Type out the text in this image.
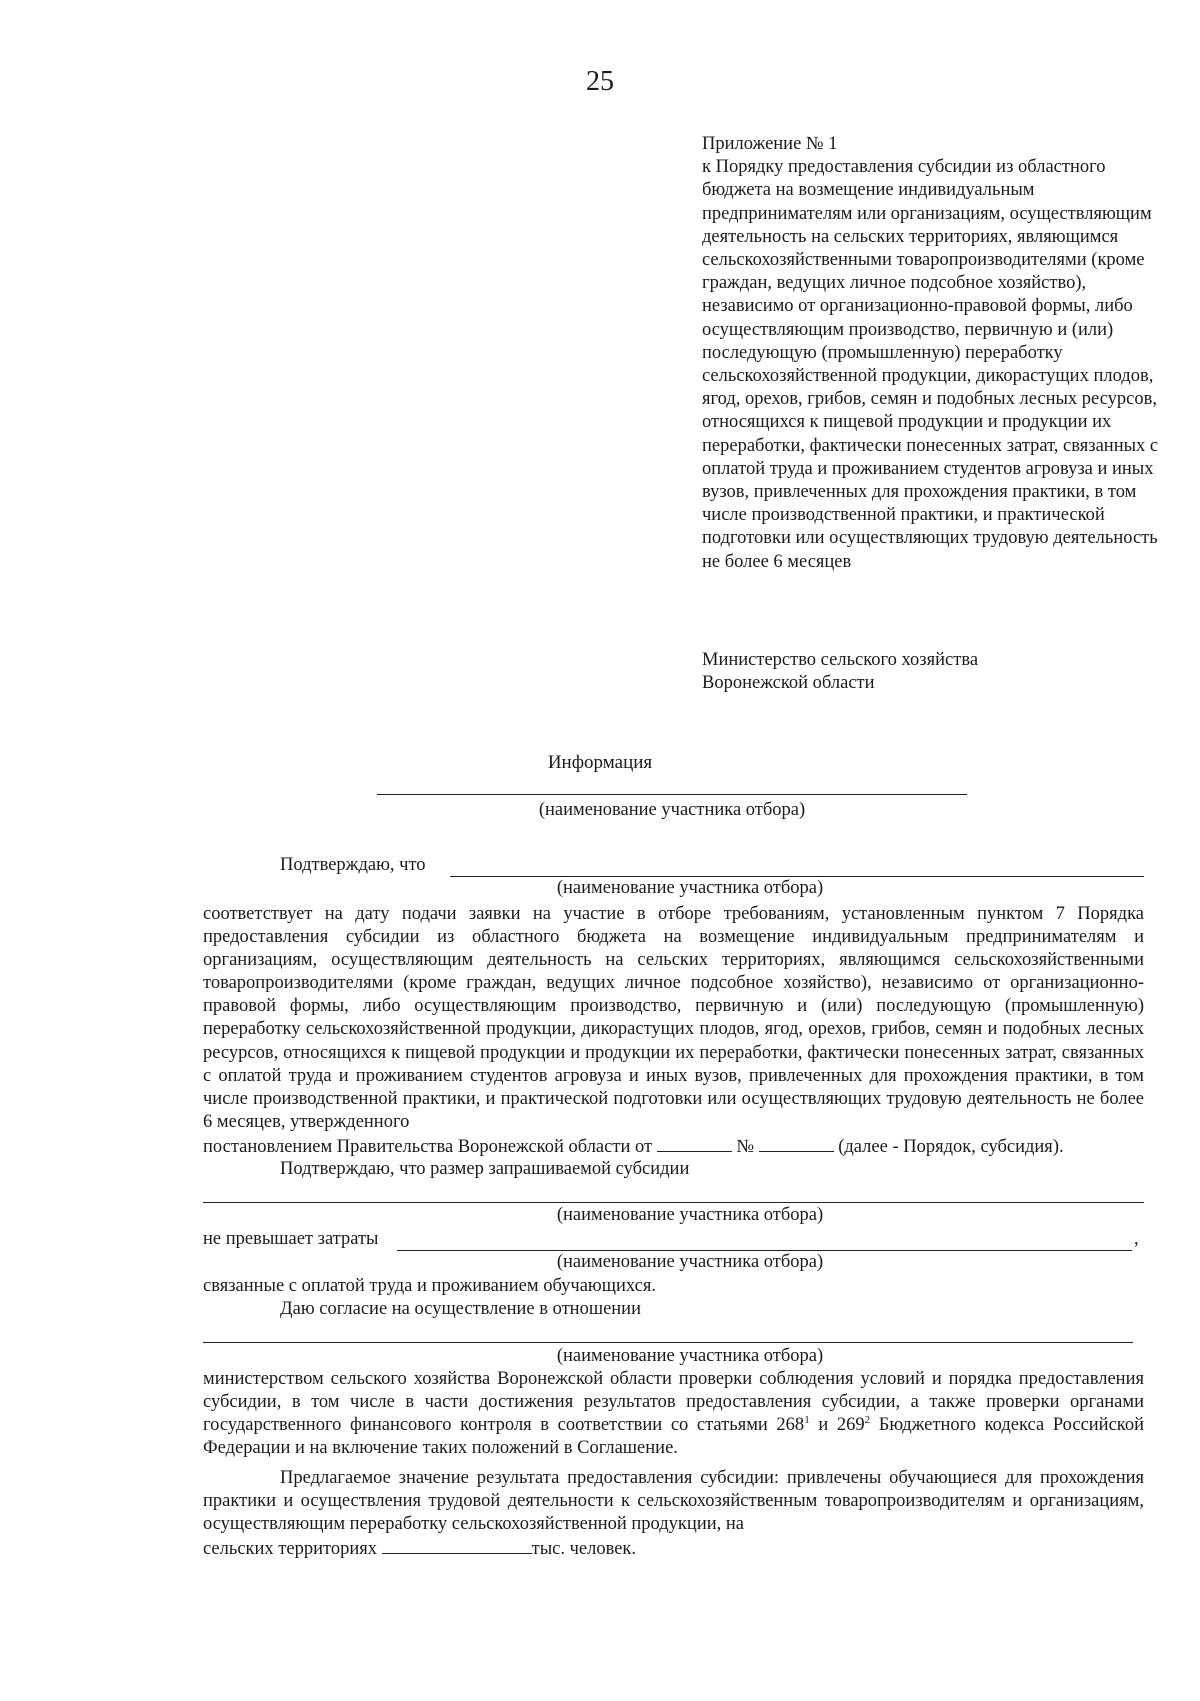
25
Приложение № 1
к Порядку предоставления субсидии из областного бюджета на возмещение индивидуальным предпринимателям или организациям, осуществляющим деятельность на сельских территориях, являющимся сельскохозяйственными товаропроизводителями (кроме граждан, ведущих личное подсобное хозяйство), независимо от организационно-правовой формы, либо осуществляющим производство, первичную и (или) последующую (промышленную) переработку сельскохозяйственной продукции, дикорастущих плодов, ягод, орехов, грибов, семян и подобных лесных ресурсов, относящихся к пищевой продукции и продукции их переработки, фактически понесенных затрат, связанных с оплатой труда и проживанием студентов агровуза и иных вузов, привлеченных для прохождения практики, в том числе производственной практики, и практической подготовки или осуществляющих трудовую деятельность не более 6 месяцев
Министерство сельского хозяйства
Воронежской области
Информация
(наименование участника отбора)
Подтверждаю, что
(наименование участника отбора)
соответствует на дату подачи заявки на участие в отборе требованиям, установленным пунктом 7 Порядка предоставления субсидии из областного бюджета на возмещение индивидуальным предпринимателям и организациям, осуществляющим деятельность на сельских территориях, являющимся сельскохозяйственными товаропроизводителями (кроме граждан, ведущих личное подсобное хозяйство), независимо от организационно-правовой формы, либо осуществляющим производство, первичную и (или) последующую (промышленную) переработку сельскохозяйственной продукции, дикорастущих плодов, ягод, орехов, грибов, семян и подобных лесных ресурсов, относящихся к пищевой продукции и продукции их переработки, фактически понесенных затрат, связанных с оплатой труда и проживанием студентов агровуза и иных вузов, привлеченных для прохождения практики, в том числе производственной практики, и практической подготовки или осуществляющих трудовую деятельность не более 6 месяцев, утвержденного
постановлением Правительства Воронежской области от	№	(далее - Порядок, субсидия).
Подтверждаю, что размер запрашиваемой субсидии
(наименование участника отбора)
не превышает затраты	,
(наименование участника отбора)
связанные с оплатой труда и проживанием обучающихся.
Даю согласие на осуществление в отношении
(наименование участника отбора)
министерством сельского хозяйства Воронежской области проверки соблюдения условий и порядка предоставления субсидии, в том числе в части достижения результатов предоставления субсидии, а также проверки органами государственного финансового контроля в соответствии со статьями $268^1$ и $269^2$ Бюджетного кодекса Российской Федерации и на включение таких положений в Соглашение.
Предлагаемое значение результата предоставления субсидии: привлечены обучающиеся для прохождения практики и осуществления трудовой деятельности к сельскохозяйственным товаропроизводителям и организациям, осуществляющим переработку сельскохозяйственной продукции, на
сельских территориях	тыс. человек.
